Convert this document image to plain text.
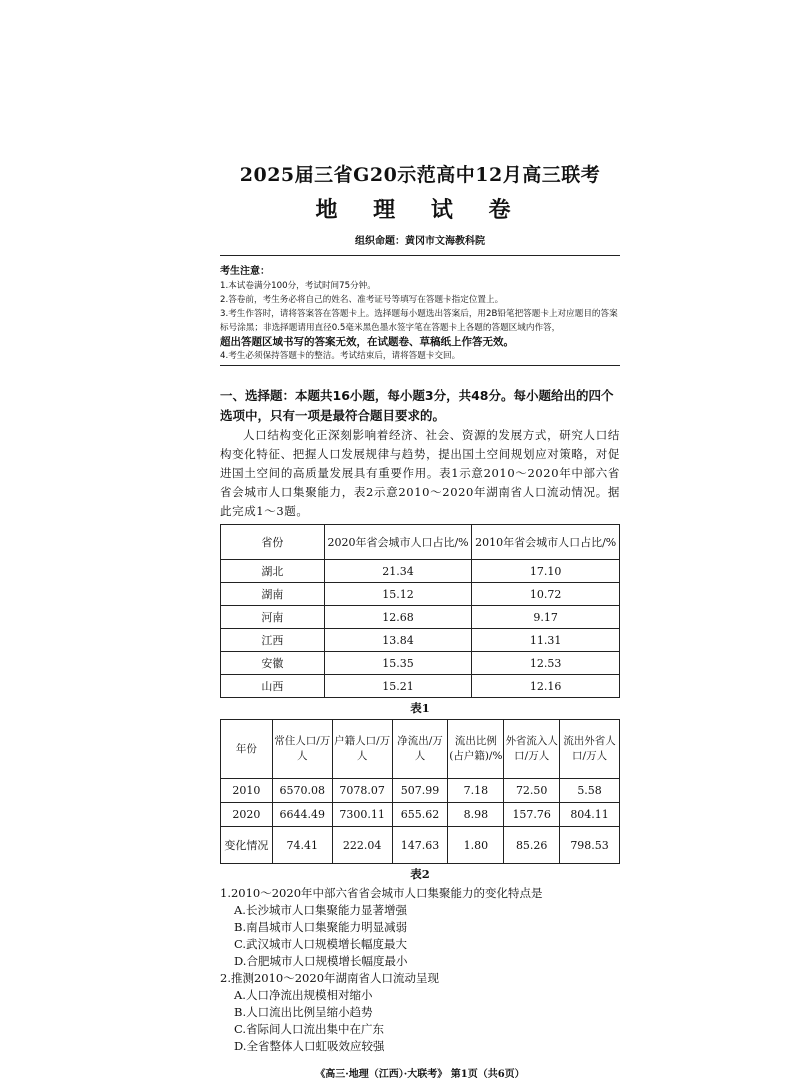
2025届三省G20示范高中12月高三联考
地 理 试 卷
组织命题：黄冈市文海教科院
考生注意：

1.本试卷满分100分，考试时间75分钟。

2.答卷前，考生务必将自己的姓名、准考证号等填写在答题卡指定位置上。

3.考生作答时，请将答案答在答题卡上。选择题每小题选出答案后，用2B铅笔把答题卡上对应题目的答案标号涂黑；非选择题请用直径0.5毫米黑色墨水签字笔在答题卡上各题的答题区域内作答，

超出答题区域书写的答案无效，在试题卷、草稿纸上作答无效。

4.考生必须保持答题卡的整洁。考试结束后，请将答题卡交回。

一、选择题：本题共16小题，每小题3分，共48分。每小题给出的四个选项中，只有一项是最符合题目要求的。

人口结构变化正深刻影响着经济、社会、资源的发展方式，研究人口结构变化特征、把握人口发展规律与趋势，提出国土空间规划应对策略，对促进国土空间的高质量发展具有重要作用。表1示意2010～2020年中部六省省会城市人口集聚能力，表2示意2010～2020年湖南省人口流动情况。据此完成1～3题。

省份	2020年省会城市人口占比/%	2010年省会城市人口占比/%
湖北	21.34	17.10
湖南	15.12	10.72
河南	12.68	9.17
江西	13.84	11.31
安徽	15.35	12.53
山西	15.21	12.16
表1
年份	常住人口/万人	户籍人口/万人	净流出/万人	流出比例(占户籍)/%	外省流入人口/万人	流出外省人口/万人
2010	6570.08	7078.07	507.99	7.18	72.50	5.58
2020	6644.49	7300.11	655.62	8.98	157.76	804.11
变化情况	74.41	222.04	147.63	1.80	85.26	798.53
表2

1.2010～2020年中部六省省会城市人口集聚能力的变化特点是

A.长沙城市人口集聚能力显著增强

B.南昌城市人口集聚能力明显减弱

C.武汉城市人口规模增长幅度最大

D.合肥城市人口规模增长幅度最小

2.推测2010～2020年湖南省人口流动呈现

A.人口净流出规模相对缩小

B.人口流出比例呈缩小趋势

C.省际间人口流出集中在广东

D.全省整体人口虹吸效应较强

《高三·地理（江西）·大联考》 第1页（共6页）
